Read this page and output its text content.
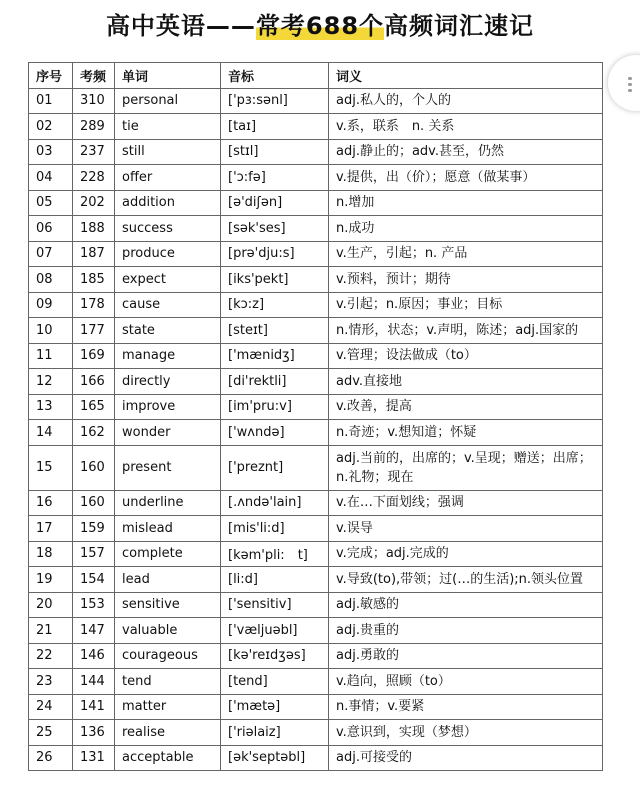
高中英语——常考688个高频词汇速记
序号	考频	单词	音标	词义
01	310	personal	['pɜ:sənl]	adj.私人的，个人的
02	289	tie	[taɪ]	v.系，联系　n. 关系
03	237	still	[stɪl]	adj.静止的；adv.甚至，仍然
04	228	offer	['ɔ:fə]	v.提供，出（价）；愿意（做某事）
05	202	addition	[ə'diʃən]	n.增加
06	188	success	[sək'ses]	n.成功
07	187	produce	[prə'dju:s]	v.生产，引起；n. 产品
08	185	expect	[iks'pekt]	v.预料，预计；期待
09	178	cause	[kɔ:z]	v.引起；n.原因；事业；目标
10	177	state	[steɪt]	n.情形，状态；v.声明，陈述；adj.国家的
11	169	manage	['mænidʒ]	v.管理；设法做成（to）
12	166	directly	[di'rektli]	adv.直接地
13	165	improve	[im'pru:v]	v.改善，提高
14	162	wonder	['wʌndə]	n.奇迹；v.想知道；怀疑
15	160	present	['preznt]	adj.当前的，出席的；v.呈现；赠送；出席；n.礼物；现在
16	160	underline	[.ʌndə'lain]	v.在…下面划线；强调
17	159	mislead	[mis'li:d]	v.误导
18	157	complete	[kəm'pli:　t]	v.完成；adj.完成的
19	154	lead	[li:d]	v.导致(to),带领；过(…的生活);n.领头位置
20	153	sensitive	['sensitiv]	adj.敏感的
21	147	valuable	['væljuəbl]	adj.贵重的
22	146	courageous	[kə'reɪdʒəs]	adj.勇敢的
23	144	tend	[tend]	v.趋向，照顾（to）
24	141	matter	['mætə]	n.事情；v.要紧
25	136	realise	['riəlaiz]	v.意识到，实现（梦想）
26	131	acceptable	[ək'septəbl]	adj.可接受的
